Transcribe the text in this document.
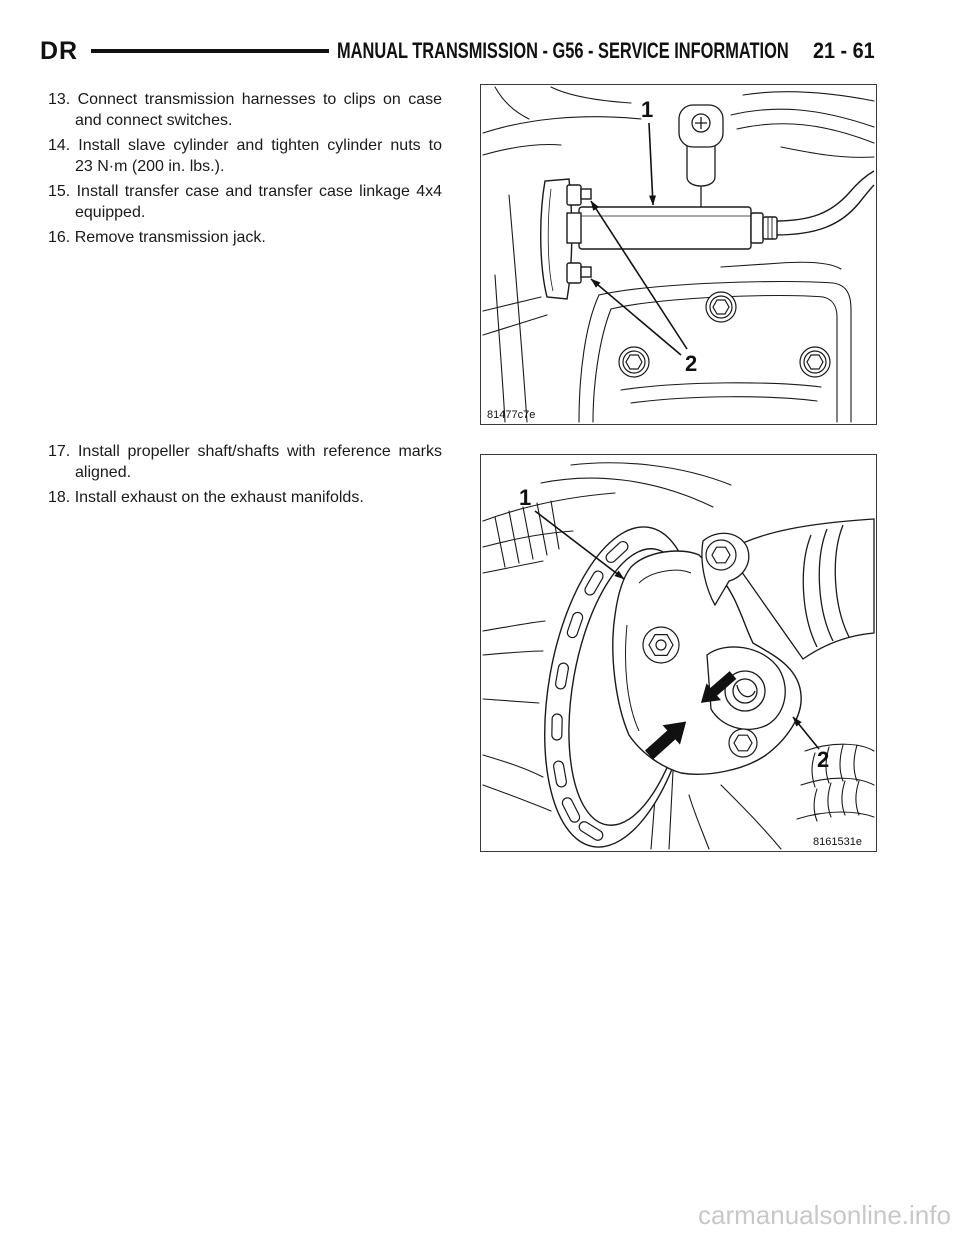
DR	MANUAL TRANSMISSION - G56 - SERVICE INFORMATION 21 - 61
13. Connect transmission harnesses to clips on case
and connect switches.
14. Install slave cylinder and tighten cylinder nuts to
23 N·m (200 in. lbs.).
15. Install transfer case and transfer case linkage 4x4
equipped.
16. Remove transmission jack.
1
2
81477c7e
17. Install propeller shaft/shafts with reference marks
aligned.
18. Install exhaust on the exhaust manifolds.	1
2
8161531e
carmanualsonline.info
